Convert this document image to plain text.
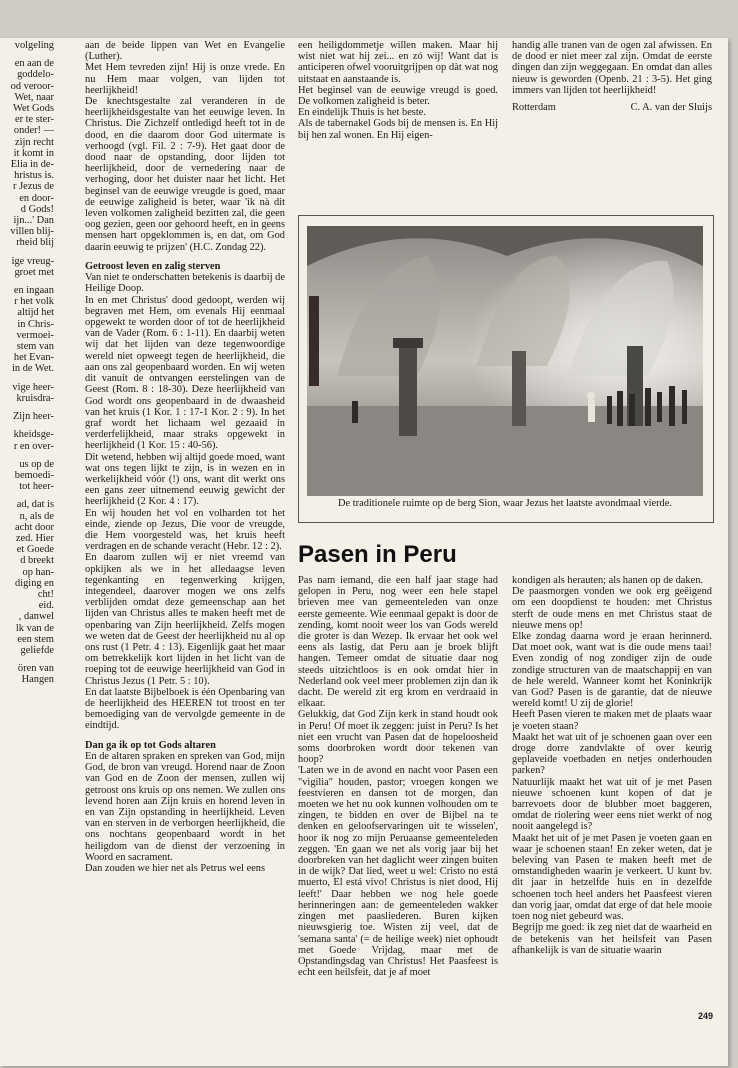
volgeling

en aan de

goddelo-

od veroor-

Wet, naar

Wet Gods

er te ster-

onder! —

zijn recht

it komt in

Elia in de-

hristus is.

r Jezus de

en door-

d Gods!

ijn...' Dan

villen blij-

rheid blij

ige vreug-

groet met

en ingaan

r het volk

altijd het

in Chris-

vermoei-

stem van

het Evan-

in de Wet.

vige heer-

kruisdra-

Zijn heer-

kheidsge-

r en over-

us op de

bemoedi-

tot heer-

ad, dat is

n, als de

acht door

zed. Hier

et Goede

d breekt

op han-

diging en

cht!

eid.

, danwel

lk van de

een stem

geliefde

ören van

Hangen

aan de beide lippen van Wet en Evangelie (Luther).

Met Hem tevreden zijn! Hij is onze vrede. En nu Hem maar volgen, van lijden tot heerlijkheid!

De knechtsgestalte zal veranderen in de heerlijkheidsgestalte van het eeuwige leven. In Christus. Die Zichzelf ontledigd heeft tot in de dood, en die daarom door God uitermate is verhoogd (vgl. Fil. 2 : 7-9). Het gaat door de dood naar de opstanding, door lijden tot heerlijkheid, door de vernedering naar de verhoging, door het duister naar het licht. Het beginsel van de eeuwige vreugde is goed, maar de eeuwige zaligheid is beter, waar 'ik nà dit leven volkomen zaligheid bezitten zal, die geen oog gezien, geen oor gehoord heeft, en in geens mensen hart opgeklommen is, en dat, om God daarin eeuwig te prijzen' (H.C. Zondag 22).

Getroost leven en zalig sterven

Van niet te onderschatten betekenis is daarbij de Heilige Doop.

In en met Christus' dood gedoopt, werden wij begraven met Hem, om evenals Hij eenmaal opgewekt te worden door of tot de heerlijkheid van de Vader (Rom. 6 : 1-11). En daarbij weten wij dat het lijden van deze tegenwoordige wereld niet opweegt tegen de heerlijkheid, die aan ons zal geopenbaard worden. En wij weten dit vanuit de ontvangen eerstelingen van de Geest (Rom. 8 : 18-30). Deze heerlijkheid van God wordt ons geopenbaard in de dwaasheid van het kruis (1 Kor. 1 : 17-1 Kor. 2 : 9). In het graf wordt het lichaam wel gezaaid in verderfelijkheid, maar straks opgewekt in heerlijkheid (1 Kor. 15 : 40-56).

Dit wetend, hebben wij altijd goede moed, want wat ons tegen lijkt te zijn, is in wezen en in werkelijkheid vóór (!) ons, want dit werkt ons een gans zeer uitnemend eeuwig gewicht der heerlijkheid (2 Kor. 4 : 17).

En wij houden het vol en volharden tot het einde, ziende op Jezus, Die voor de vreugde, die Hem voorgesteld was, het kruis heeft verdragen en de schande veracht (Hebr. 12 : 2).

En daarom zullen wij er niet vreemd van opkijken als we in het alledaagse leven tegenkanting en tegenwerking krijgen, integendeel, daarover mogen we ons zelfs verblijden omdat deze gemeenschap aan het lijden van Christus alles te maken heeft met de openbaring van Zijn heerlijkheid. Zelfs mogen we weten dat de Geest der heerlijkheid nu al op ons rust (1 Petr. 4 : 13). Eigenlijk gaat het maar om betrekkelijk kort lijden in het licht van de roeping tot de eeuwige heerlijkheid van God in Christus Jezus (1 Petr. 5 : 10).

En dat laatste Bijbelboek is één Openbaring van de heerlijkheid des HEEREN tot troost en ter bemoediging van de vervolgde gemeente in de eindtijd.

Dan ga ik op tot Gods altaren

En de altaren spraken en spreken van God, mijn God, de bron van vreugd. Horend naar de Zoon van God en de Zoon der mensen, zullen wij getroost ons kruis op ons nemen. We zullen ons levend horen aan Zijn kruis en horend leven in en van Zijn opstanding in heerlijkheid. Leven van en sterven in de verborgen heerlijkheid, die ons nochtans geopenbaard wordt in het heiligdom van de dienst der verzoening in Woord en sacrament.

Dan zouden we hier net als Petrus wel eens

een heiligdommetje willen maken. Maar hij wist niet wat hij zei... en zó wij! Want dat is anticiperen ofwel vooruitgrijpen op dàt wat nog uitstaat en aanstaande is.

Het beginsel van de eeuwige vreugd is goed. De volkomen zaligheid is beter.

En eindelijk Thuis is het beste.

Als de tabernakel Gods bij de mensen is. En Hij bij hen zal wonen. En Hij eigen-

handig alle tranen van de ogen zal afwissen. En de dood er niet meer zal zijn. Omdat de eerste dingen dan zijn weggegaan. En omdat dan alles nieuw is geworden (Openb. 21 : 3-5). Het ging immers van lijden tot heerlijkheid!

Rotterdam	C. A. van der Sluijs
De traditionele ruimte op de berg Sion, waar Jezus het laatste avondmaal vierde.
Pasen in Peru

Pas nam iemand, die een half jaar stage had gelopen in Peru, nog weer een hele stapel brieven mee van gemeenteleden van onze eerste gemeente. Wie eenmaal gepakt is door de zending, komt nooit weer los van Gods wereld die groter is dan Wezep. Ik ervaar het ook wel eens als lastig, dat Peru aan je broek blijft hangen. Temeer omdat de situatie daar nog steeds uitzichtloos is en ook omdat hier in Nederland ook veel meer problemen zijn dan ik dacht. De wereld zit erg krom en verdraaid in elkaar.

Gelukkig, dat God Zijn kerk in stand houdt ook in Peru! Of moet ik zeggen: juist in Peru? Is het niet een vrucht van Pasen dat de hopeloosheid soms doorbroken wordt door tekenen van hoop?

'Laten we in de avond en nacht voor Pasen een "vigilia" houden, pastor; vroegen kongen we feestvieren en dansen tot de morgen, dan moeten we het nu ook kunnen volhouden om te zingen, te bidden en over de Bijbel na te denken en geloofservaringen uit te wisselen', hoor ik nog zo mijn Peruaanse gemeenteleden zeggen. 'En gaan we net als vorig jaar bij het doorbreken van het daglicht weer zingen buiten in de wijk? Dat lied, weet u wel: Cristo no está muerto, El está vivo! Christus is niet dood, Hij leeft!' Daar hebben we nog hele goede herinneringen aan: de gemeenteleden wakker zingen met paasliederen. Buren kijken nieuwsgierig toe. Wisten zij veel, dat de 'semana santa' (= de heilige week) niet ophoudt met Goede Vrijdag, maar met de Opstandingsdag van Christus! Het Paasfeest is echt een heilsfeit, dat je af moet

kondigen als herauten; als hanen op de daken.

De paasmorgen vonden we ook erg geëigend om een doopdienst te houden: met Christus sterft de oude mens en met Christus staat de nieuwe mens op!

Elke zondag daarna word je eraan herinnerd. Dat moet ook, want wat is die oude mens taai! Even zondig of nog zondiger zijn de oude zondige structuren van de maatschappij en van de hele wereld. Wanneer komt het Koninkrijk van God? Pasen is de garantie, dat de nieuwe wereld komt! U zij de glorie!

Heeft Pasen vieren te maken met de plaats waar je voeten staan?

Maakt het wat uit of je schoenen gaan over een droge dorre zandvlakte of over keurig geplaveide voetbaden en netjes onderhouden parken?

Natuurlijk maakt het wat uit of je met Pasen nieuwe schoenen kunt kopen of dat je barrevoets door de blubber moet baggeren, omdat de riolering weer eens niet werkt of nog nooit aangelegd is?

Maakt het uit of je met Pasen je voeten gaan en waar je schoenen staan! En zeker weten, dat je beleving van Pasen te maken heeft met de omstandigheden waarin je verkeert. U kunt bv. dit jaar in hetzelfde huis en in dezelfde schoenen toch heel anders het Paasfeest vieren dan vorig jaar, omdat dat erge of dat hele mooie toen nog niet gebeurd was.

Begrijp me goed: ik zeg niet dat de waarheid en de betekenis van het heilsfeit van Pasen afhankelijk is van de situatie waarin

249
